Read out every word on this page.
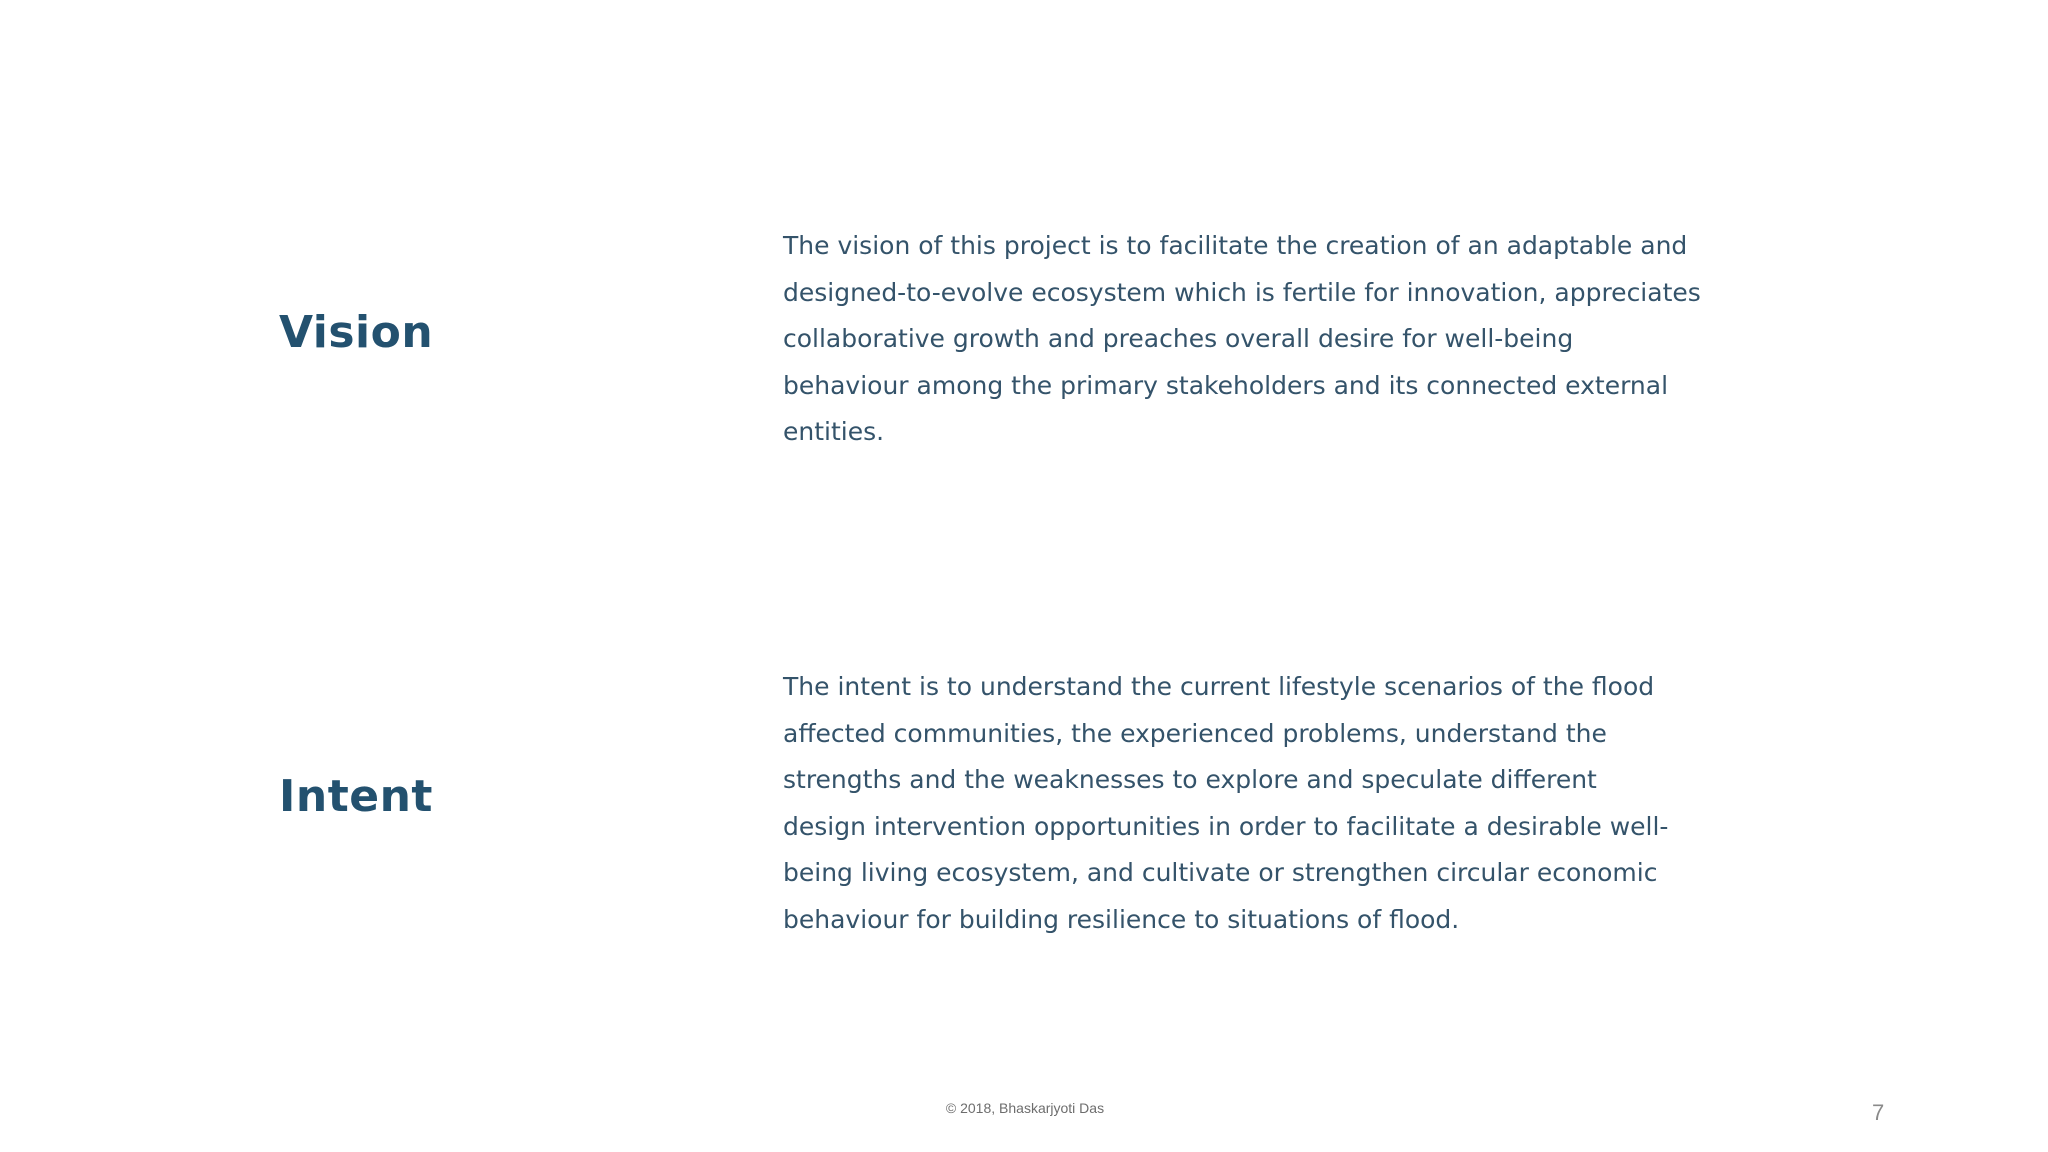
Vision

The vision of this project is to facilitate the creation of an adaptable and
designed-to-evolve ecosystem which is fertile for innovation, appreciates
collaborative growth and preaches overall desire for well-being
behaviour among the primary stakeholders and its connected external
entities.

Intent

The intent is to understand the current lifestyle scenarios of the flood
affected communities, the experienced problems, understand the
strengths and the weaknesses to explore and speculate different
design intervention opportunities in order to facilitate a desirable well-
being living ecosystem, and cultivate or strengthen circular economic
behaviour for building resilience to situations of flood.

© 2018, Bhaskarjyoti Das	7
